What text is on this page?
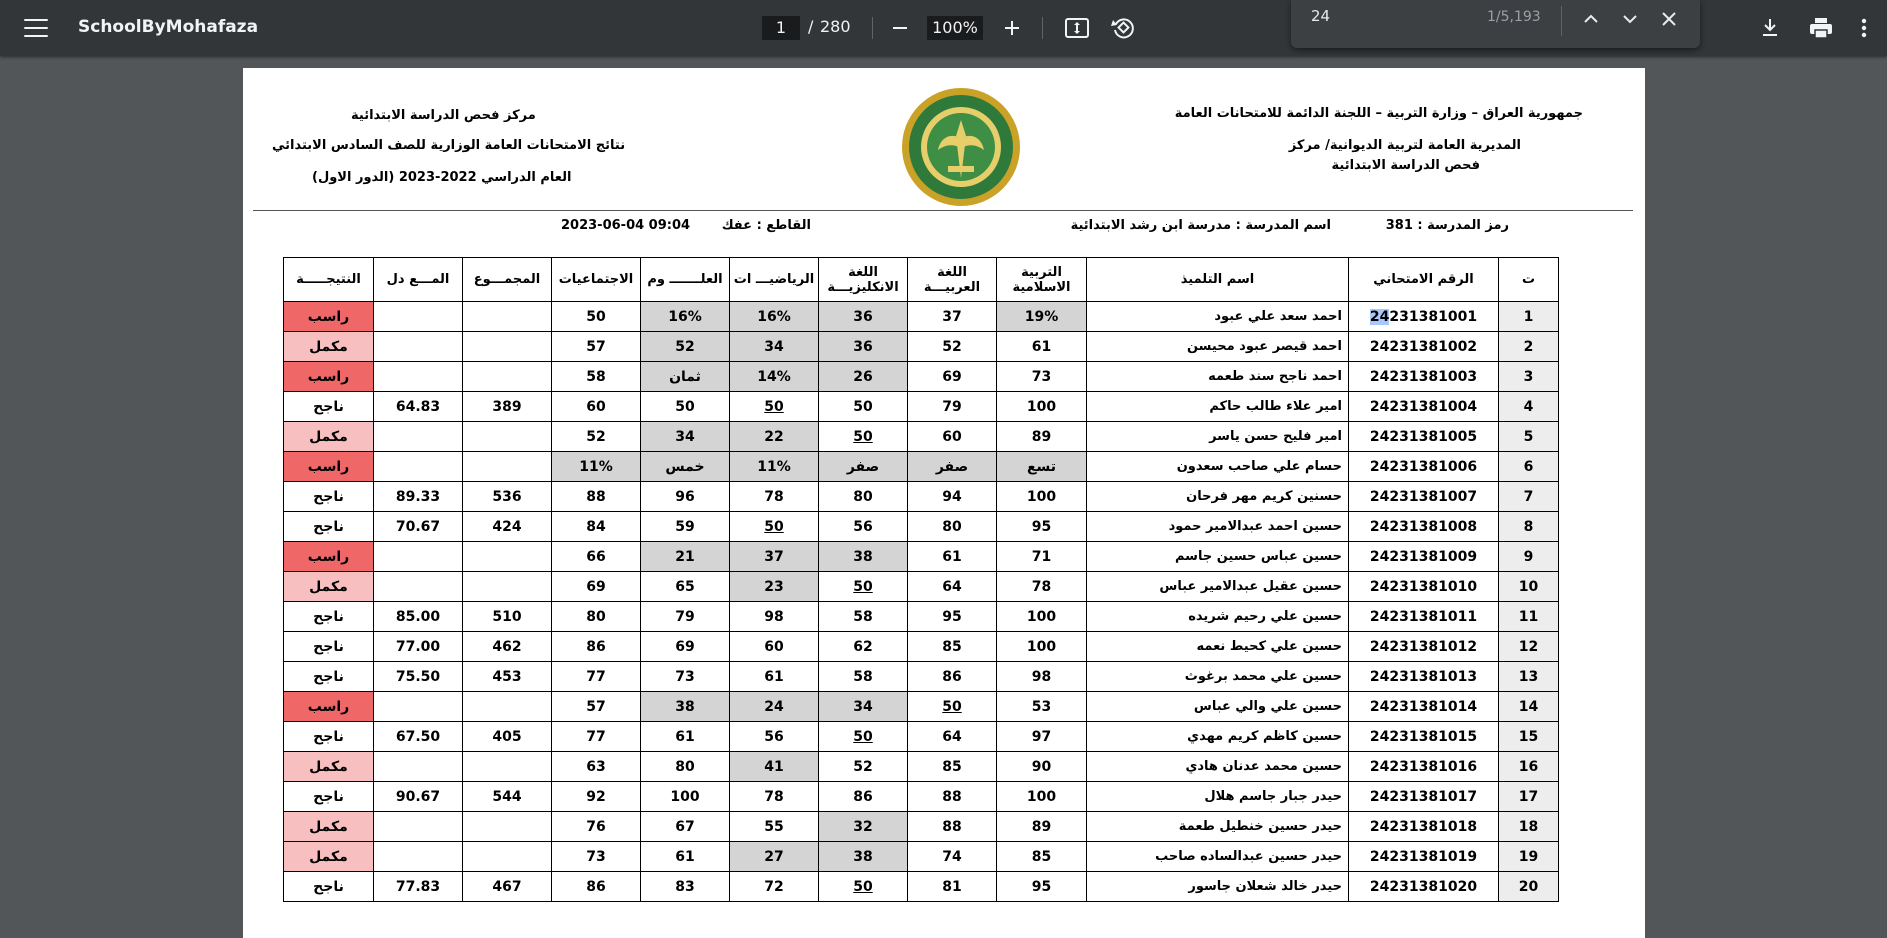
SchoolByMohafaza	1	/ 280	100%
24
1/5,193
جمهورية العراق – وزارة التربية – اللجنة الدائمة للامتحانات العامة
المديرية العامة لتربية الديوانية/ مركز
فحص الدراسة الابتدائية
مركز فحص الدراسة الابتدائية
نتائج الامتحانات العامة الوزارية للصف السادس الابتدائي
العام الدراسي 2022-2023 (الدور الاول)
رمز المدرسة : 381
اسم المدرسة : مدرسة ابن رشد الابتدائية
القاطع : عفك
2023-06-04 09:04
ت	الرقم الامتحاني	اسم التلميذ	التربية الاسلامية	اللغة العربيـــة	اللغة الانكليزيـــة	الرياضيـــ ات	العلـــــــ وم	الاجتماعيات	المجمـــوع	المـــع دل	النتيجـــــة
1	24231381001	احمد سعد علي عبود	19%	37	36	16%	16%	50			راسب
2	24231381002	احمد قيصر عبود محيسن	61	52	36	34	52	57			مكمل
3	24231381003	احمد ناجح سند طعمه	73	69	26	14%	ثمان	58			راسب
4	24231381004	امير علاء طالب حاكم	100	79	50	50	50	60	389	64.83	ناجح
5	24231381005	امير فليح حسن ياسر	89	60	50	22	34	52			مكمل
6	24231381006	حسام علي صاحب سعدون	تسع	صفر	صفر	11%	خمس	11%			راسب
7	24231381007	حسنين كريم مهر فرحان	100	94	80	78	96	88	536	89.33	ناجح
8	24231381008	حسين احمد عبدالامير حمود	95	80	56	50	59	84	424	70.67	ناجح
9	24231381009	حسين عباس حسين جاسم	71	61	38	37	21	66			راسب
10	24231381010	حسين عقيل عبدالامير عباس	78	64	50	23	65	69			مكمل
11	24231381011	حسين علي رحيم شريده	100	95	58	98	79	80	510	85.00	ناجح
12	24231381012	حسين علي كحيط نعمه	100	85	62	60	69	86	462	77.00	ناجح
13	24231381013	حسين علي محمد برغوث	98	86	58	61	73	77	453	75.50	ناجح
14	24231381014	حسين علي والي عباس	53	50	34	24	38	57			راسب
15	24231381015	حسين كاظم كريم مهدي	97	64	50	56	61	77	405	67.50	ناجح
16	24231381016	حسين محمد عدنان هادي	90	85	52	41	80	63			مكمل
17	24231381017	حيدر جبار جاسم هلال	100	88	86	78	100	92	544	90.67	ناجح
18	24231381018	حيدر حسين خنطيل طعمة	89	88	32	55	67	76			مكمل
19	24231381019	حيدر حسين عبدالساده صاحب	85	74	38	27	61	73			مكمل
20	24231381020	حيدر خالد شعلان جاسور	95	81	50	72	83	86	467	77.83	ناجح
